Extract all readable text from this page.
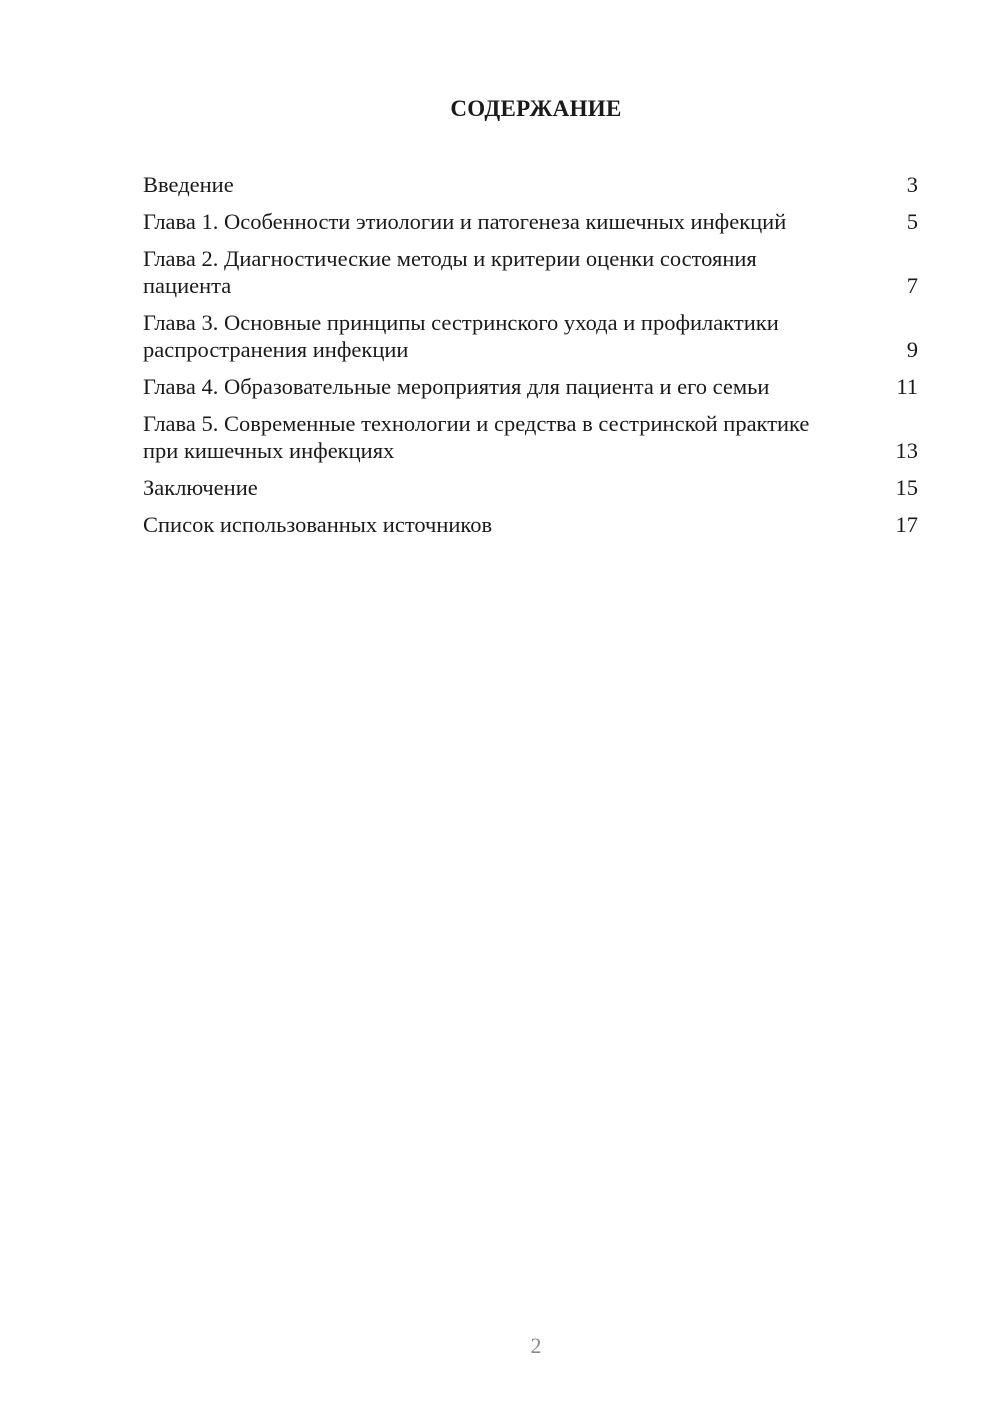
СОДЕРЖАНИЕ
Введение	3
Глава 1. Особенности этиологии и патогенеза кишечных инфекций	5
Глава 2. Диагностические методы и критерии оценки состояния пациента	7
Глава 3. Основные принципы сестринского ухода и профилактики распространения инфекции	9
Глава 4. Образовательные мероприятия для пациента и его семьи	11
Глава 5. Современные технологии и средства в сестринской практике при кишечных инфекциях	13
Заключение	15
Список использованных источников	17
2
